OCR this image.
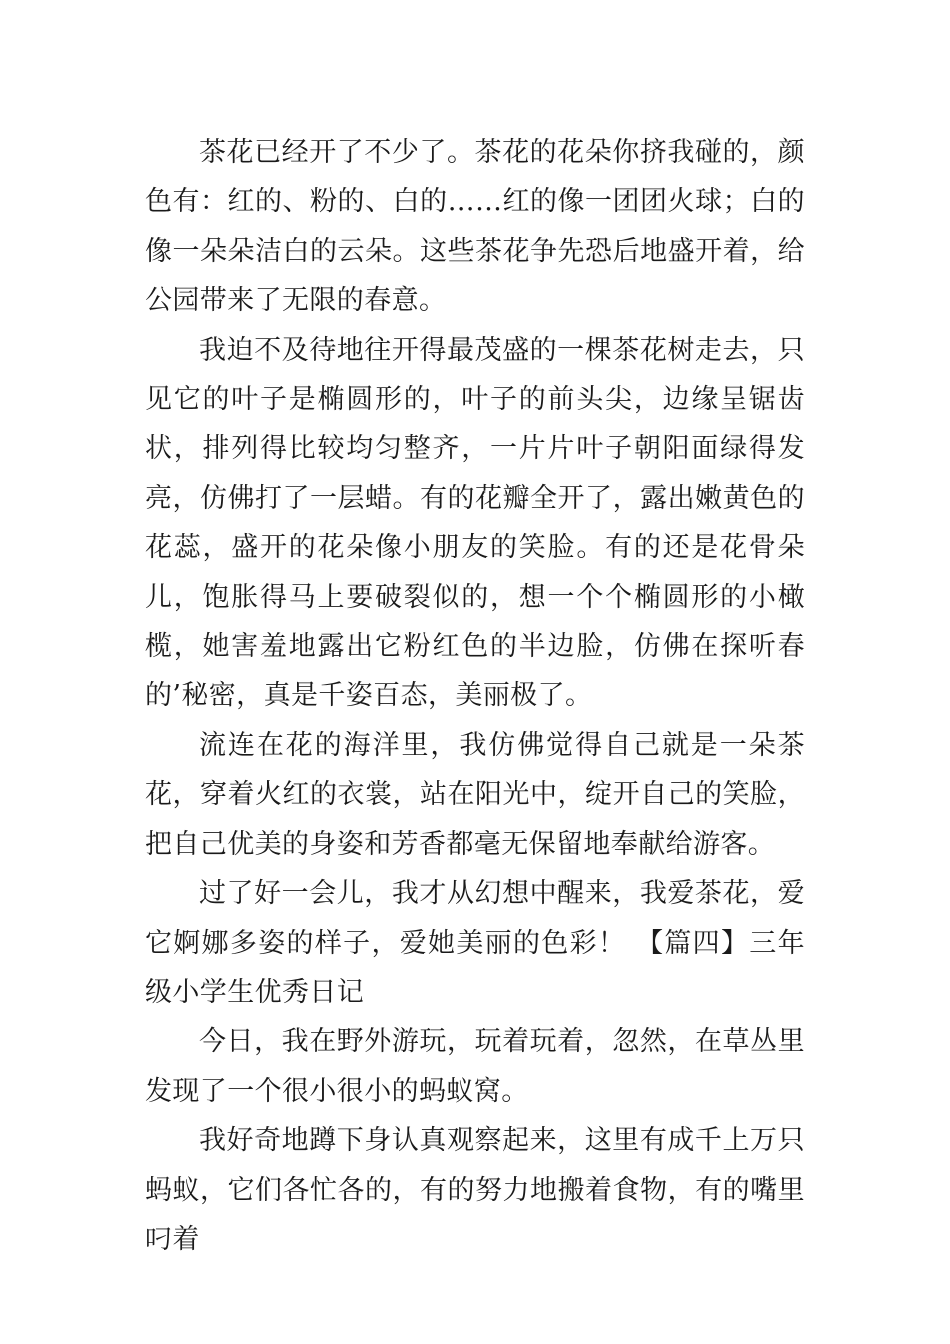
茶花已经开了不少了。茶花的花朵你挤我碰的，颜色有：红的、粉的、白的……红的像一团团火球；白的像一朵朵洁白的云朵。这些茶花争先恐后地盛开着，给公园带来了无限的春意。

我迫不及待地往开得最茂盛的一棵茶花树走去，只见它的叶子是椭圆形的，叶子的前头尖，边缘呈锯齿状，排列得比较均匀整齐，一片片叶子朝阳面绿得发亮，仿佛打了一层蜡。有的花瓣全开了，露出嫩黄色的花蕊，盛开的花朵像小朋友的笑脸。有的还是花骨朵儿，饱胀得马上要破裂似的，想一个个椭圆形的小橄榄，她害羞地露出它粉红色的半边脸，仿佛在探听春的’秘密，真是千姿百态，美丽极了。

流连在花的海洋里，我仿佛觉得自己就是一朵茶花，穿着火红的衣裳，站在阳光中，绽开自己的笑脸，把自己优美的身姿和芳香都毫无保留地奉献给游客。

过了好一会儿，我才从幻想中醒来，我爱茶花，爱它婀娜多姿的样子，爱她美丽的色彩！ 【篇四】三年级小学生优秀日记

今日，我在野外游玩，玩着玩着，忽然，在草丛里发现了一个很小很小的蚂蚁窝。

我好奇地蹲下身认真观察起来，这里有成千上万只蚂蚁，它们各忙各的，有的努力地搬着食物，有的嘴里叼着
